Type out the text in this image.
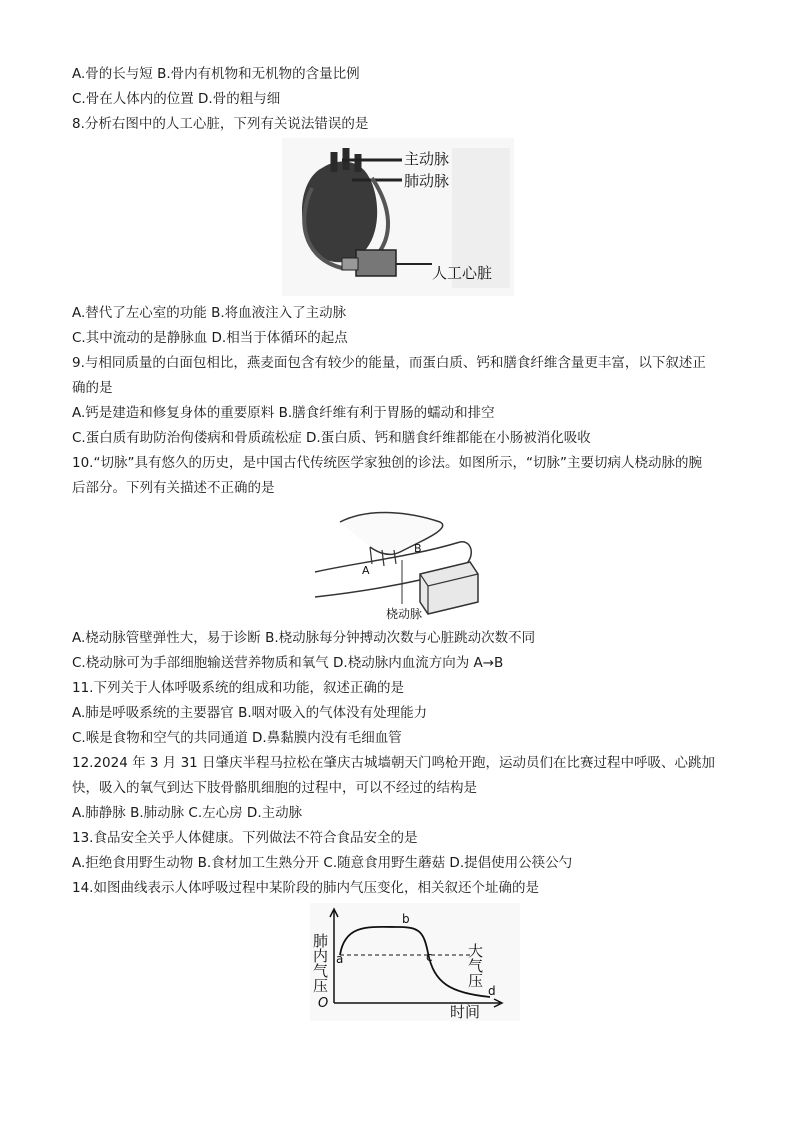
A.骨的长与短 B.骨内有机物和无机物的含量比例
C.骨在人体内的位置 D.骨的粗与细
8.分析右图中的人工心脏，下列有关说法错误的是
主动脉
肺动脉
人工心脏
A.替代了左心室的功能 B.将血液注入了主动脉
C.其中流动的是静脉血 D.相当于体循环的起点
9.与相同质量的白面包相比，燕麦面包含有较少的能量，而蛋白质、钙和膳食纤维含量更丰富，以下叙述正
确的是
A.钙是建造和修复身体的重要原料 B.膳食纤维有利于胃肠的蠕动和排空
C.蛋白质有助防治佝偻病和骨质疏松症 D.蛋白质、钙和膳食纤维都能在小肠被消化吸收
10.“切脉”具有悠久的历史，是中国古代传统医学家独创的诊法。如图所示，“切脉”主要切病人桡动脉的腕
后部分。下列有关描述不正确的是
A
B
桡动脉
A.桡动脉管壁弹性大，易于诊断 B.桡动脉每分钟搏动次数与心脏跳动次数不同
C.桡动脉可为手部细胞输送营养物质和氧气 D.桡动脉内血流方向为 A→B
11.下列关于人体呼吸系统的组成和功能，叙述正确的是
A.肺是呼吸系统的主要器官 B.咽对吸入的气体没有处理能力
C.喉是食物和空气的共同通道 D.鼻黏膜内没有毛细血管
12.2024 年 3 月 31 日肇庆半程马拉松在肇庆古城墙朝天门鸣枪开跑，运动员们在比赛过程中呼吸、心跳加
快，吸入的氧气到达下肢骨骼肌细胞的过程中，可以不经过的结构是
A.肺静脉 B.肺动脉 C.左心房 D.主动脉
13.食品安全关乎人体健康。下列做法不符合食品安全的是
A.拒绝食用野生动物 B.食材加工生熟分开 C.随意食用野生蘑菇 D.提倡使用公筷公勺
14.如图曲线表示人体呼吸过程中某阶段的肺内气压变化，相关叙还个址确的是
O
a
b
c
d
时间
肺内气压	大气压
